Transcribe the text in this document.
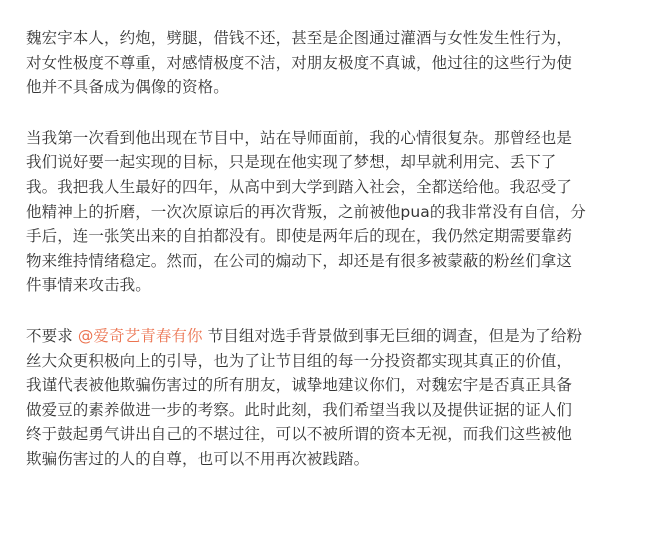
魏宏宇本人，约炮，劈腿，借钱不还，甚至是企图通过灌酒与女性发生性行为，
对女性极度不尊重，对感情极度不洁，对朋友极度不真诚，他过往的这些行为使
他并不具备成为偶像的资格。

当我第一次看到他出现在节目中，站在导师面前，我的心情很复杂。那曾经也是
我们说好要一起实现的目标，只是现在他实现了梦想，却早就利用完、丢下了
我。我把我人生最好的四年，从高中到大学到踏入社会，全都送给他。我忍受了
他精神上的折磨，一次次原谅后的再次背叛，之前被他pua的我非常没有自信，分
手后，连一张笑出来的自拍都没有。即使是两年后的现在，我仍然定期需要靠药
物来维持情绪稳定。然而，在公司的煽动下，却还是有很多被蒙蔽的粉丝们拿这
件事情来攻击我。

不要求 @爱奇艺青春有你 节目组对选手背景做到事无巨细的调查，但是为了给粉
丝大众更积极向上的引导，也为了让节目组的每一分投资都实现其真正的价值，
我谨代表被他欺骗伤害过的所有朋友，诚挚地建议你们，对魏宏宇是否真正具备
做爱豆的素养做进一步的考察。此时此刻，我们希望当我以及提供证据的证人们
终于鼓起勇气讲出自己的不堪过往，可以不被所谓的资本无视，而我们这些被他
欺骗伤害过的人的自尊，也可以不用再次被践踏。
